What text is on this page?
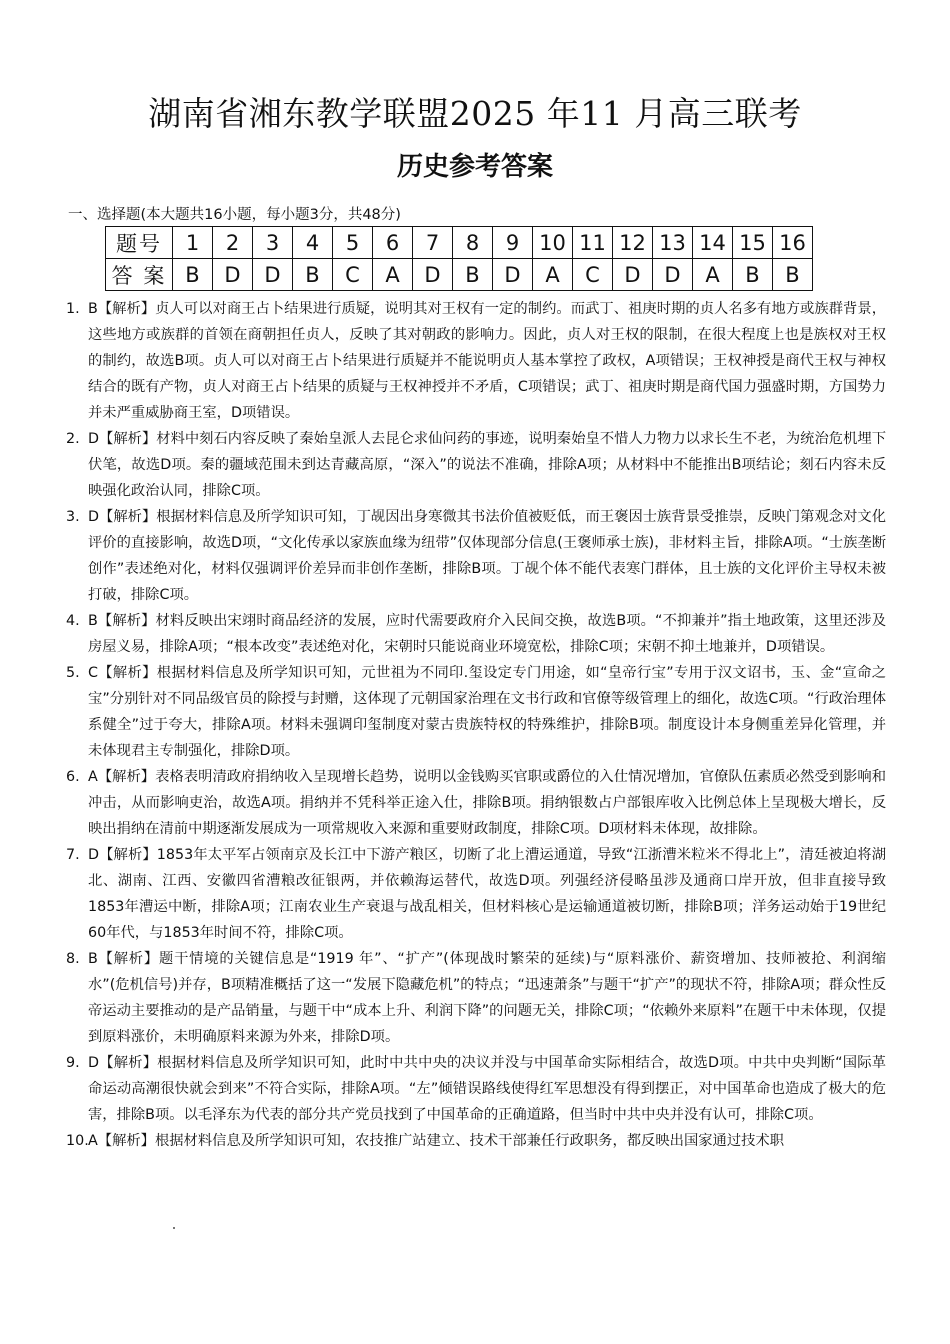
湖南省湘东教学联盟2025 年11 月高三联考
历史参考答案
一、选择题(本大题共16小题，每小题3分，共48分)
题号	1	2	3	4	5	6	7	8	9	10	11	12	13	14	15	16
答 案	B	D	D	B	C	A	D	B	D	A	C	D	D	A	B	B

1. B【解析】贞人可以对商王占卜结果进行质疑，说明其对王权有一定的制约。而武丁、祖庚时期的贞人名多有地方或族群背景，这些地方或族群的首领在商朝担任贞人，反映了其对朝政的影响力。因此，贞人对王权的限制，在很大程度上也是族权对王权的制约，故选B项。贞人可以对商王占卜结果进行质疑并不能说明贞人基本掌控了政权，A项错误；王权神授是商代王权与神权结合的既有产物，贞人对商王占卜结果的质疑与王权神授并不矛盾，C项错误；武丁、祖庚时期是商代国力强盛时期，方国势力并未严重威胁商王室，D项错误。

2. D【解析】材料中刻石内容反映了秦始皇派人去昆仑求仙问药的事迹，说明秦始皇不惜人力物力以求长生不老，为统治危机埋下伏笔，故选D项。秦的疆域范围未到达青藏高原，“深入”的说法不准确，排除A项；从材料中不能推出B项结论；刻石内容未反映强化政治认同，排除C项。

3. D【解析】根据材料信息及所学知识可知，丁觇因出身寒微其书法价值被贬低，而王褒因士族背景受推崇，反映门第观念对文化评价的直接影响，故选D项，“文化传承以家族血缘为纽带”仅体现部分信息(王褒师承士族)，非材料主旨，排除A项。“士族垄断创作”表述绝对化，材料仅强调评价差异而非创作垄断，排除B项。丁觇个体不能代表寒门群体，且士族的文化评价主导权未被打破，排除C项。

4. B【解析】材料反映出宋翊时商品经济的发展，应时代需要政府介入民间交换，故选B项。“不抑兼并”指土地政策，这里还涉及房屋义易，排除A项；“根本改变”表述绝对化，宋朝时只能说商业环境宽松，排除C项；宋朝不抑土地兼并，D项错误。

5. C【解析】根据材料信息及所学知识可知，元世祖为不同印.玺设定专门用途，如“皇帝行宝”专用于汉文诏书，玉、金“宣命之宝”分别针对不同品级官员的除授与封赠，这体现了元朝国家治理在文书行政和官僚等级管理上的细化，故选C项。“行政治理体系健全”过于夸大，排除A项。材料未强调印玺制度对蒙古贵族特权的特殊维护，排除B项。制度设计本身侧重差异化管理，并未体现君主专制强化，排除D项。

6. A【解析】表格表明清政府捐纳收入呈现增长趋势，说明以金钱购买官职或爵位的入仕情况增加，官僚队伍素质必然受到影响和冲击，从而影响吏治，故选A项。捐纳并不凭科举正途入仕，排除B项。捐纳银数占户部银库收入比例总体上呈现极大增长，反映出捐纳在清前中期逐渐发展成为一项常规收入来源和重要财政制度，排除C项。D项材料未体现，故排除。

7. D【解析】1853年太平军占领南京及长江中下游产粮区，切断了北上漕运通道，导致“江浙漕米粒米不得北上”，清廷被迫将湖北、湖南、江西、安徽四省漕粮改征银两，并依赖海运替代，故选D项。列强经济侵略虽涉及通商口岸开放，但非直接导致1853年漕运中断，排除A项；江南农业生产衰退与战乱相关，但材料核心是运输通道被切断，排除B项；洋务运动始于19世纪60年代，与1853年时间不符，排除C项。

8. B【解析】题干情境的关键信息是“1919 年”、“扩产”(体现战时繁荣的延续)与“原料涨价、薪资增加、技师被抢、利润缩水”(危机信号)并存，B项精准概括了这一“发展下隐藏危机”的特点；“迅速萧条”与题干“扩产”的现状不符，排除A项；群众性反帝运动主要推动的是产品销量，与题干中“成本上升、利润下降”的问题无关，排除C项；“依赖外来原料”在题干中未体现，仅提到原料涨价，未明确原料来源为外来，排除D项。

9. D【解析】根据材料信息及所学知识可知，此时中共中央的决议并没与中国革命实际相结合，故选D项。中共中央判断“国际革命运动高潮很快就会到来”不符合实际，排除A项。“左”倾错误路线使得红军思想没有得到摆正，对中国革命也造成了极大的危害，排除B项。以毛泽东为代表的部分共产党员找到了中国革命的正确道路，但当时中共中央并没有认可，排除C项。

10.A【解析】根据材料信息及所学知识可知，农技推广站建立、技术干部兼任行政职务，都反映出国家通过技术职
